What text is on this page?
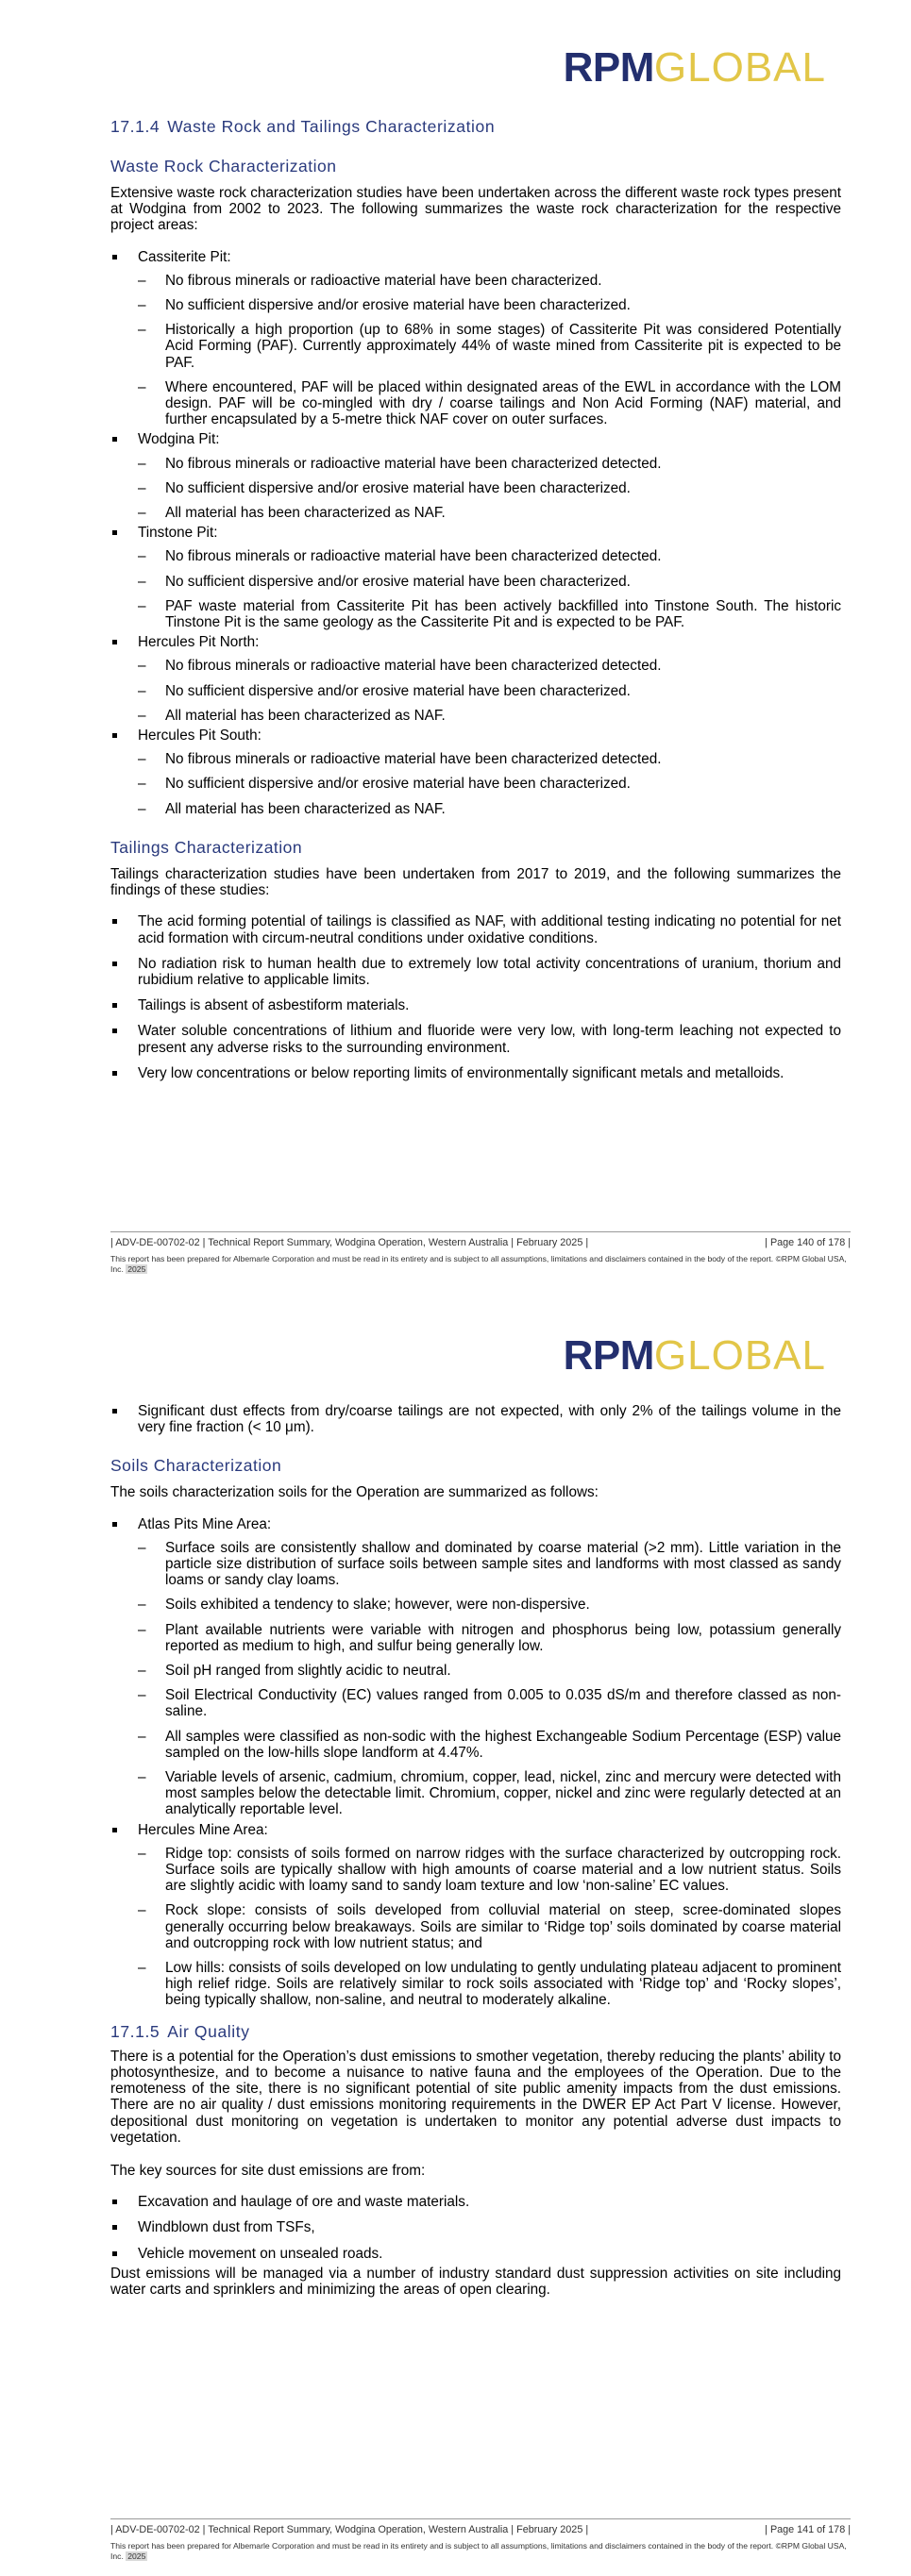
RPMGLOBAL
17.1.4 Waste Rock and Tailings Characterization
Waste Rock Characterization

Extensive waste rock characterization studies have been undertaken across the different waste rock types present at Wodgina from 2002 to 2023. The following summarizes the waste rock characterization for the respective project areas:

Cassiterite Pit:
– No fibrous minerals or radioactive material have been characterized.
– No sufficient dispersive and/or erosive material have been characterized.
– Historically a high proportion (up to 68% in some stages) of Cassiterite Pit was considered Potentially Acid Forming (PAF). Currently approximately 44% of waste mined from Cassiterite pit is expected to be PAF.
– Where encountered, PAF will be placed within designated areas of the EWL in accordance with the LOM design. PAF will be co-mingled with dry / coarse tailings and Non Acid Forming (NAF) material, and further encapsulated by a 5-metre thick NAF cover on outer surfaces.
Wodgina Pit:
– No fibrous minerals or radioactive material have been characterized detected.
– No sufficient dispersive and/or erosive material have been characterized.
– All material has been characterized as NAF.
Tinstone Pit:
– No fibrous minerals or radioactive material have been characterized detected.
– No sufficient dispersive and/or erosive material have been characterized.
– PAF waste material from Cassiterite Pit has been actively backfilled into Tinstone South. The historic Tinstone Pit is the same geology as the Cassiterite Pit and is expected to be PAF.
Hercules Pit North:
– No fibrous minerals or radioactive material have been characterized detected.
– No sufficient dispersive and/or erosive material have been characterized.
– All material has been characterized as NAF.
Hercules Pit South:
– No fibrous minerals or radioactive material have been characterized detected.
– No sufficient dispersive and/or erosive material have been characterized.
– All material has been characterized as NAF.
Tailings Characterization

Tailings characterization studies have been undertaken from 2017 to 2019, and the following summarizes the findings of these studies:

The acid forming potential of tailings is classified as NAF, with additional testing indicating no potential for net acid formation with circum-neutral conditions under oxidative conditions.
No radiation risk to human health due to extremely low total activity concentrations of uranium, thorium and rubidium relative to applicable limits.
Tailings is absent of asbestiform materials.
Water soluble concentrations of lithium and fluoride were very low, with long-term leaching not expected to present any adverse risks to the surrounding environment.
Very low concentrations or below reporting limits of environmentally significant metals and metalloids.
| ADV-DE-00702-02 | Technical Report Summary, Wodgina Operation, Western Australia | February 2025 |	| Page 140 of 178 |
This report has been prepared for Albemarle Corporation and must be read in its entirety and is subject to all assumptions, limitations and disclaimers contained in the body of the report. ©RPM Global USA, Inc. 2025
RPMGLOBAL
Significant dust effects from dry/coarse tailings are not expected, with only 2% of the tailings volume in the very fine fraction (< 10 μm).
Soils Characterization

The soils characterization soils for the Operation are summarized as follows:

Atlas Pits Mine Area:
– Surface soils are consistently shallow and dominated by coarse material (>2 mm). Little variation in the particle size distribution of surface soils between sample sites and landforms with most classed as sandy loams or sandy clay loams.
– Soils exhibited a tendency to slake; however, were non-dispersive.
– Plant available nutrients were variable with nitrogen and phosphorus being low, potassium generally reported as medium to high, and sulfur being generally low.
– Soil pH ranged from slightly acidic to neutral.
– Soil Electrical Conductivity (EC) values ranged from 0.005 to 0.035 dS/m and therefore classed as non-saline.
– All samples were classified as non-sodic with the highest Exchangeable Sodium Percentage (ESP) value sampled on the low-hills slope landform at 4.47%.
– Variable levels of arsenic, cadmium, chromium, copper, lead, nickel, zinc and mercury were detected with most samples below the detectable limit. Chromium, copper, nickel and zinc were regularly detected at an analytically reportable level.
Hercules Mine Area:
– Ridge top: consists of soils formed on narrow ridges with the surface characterized by outcropping rock. Surface soils are typically shallow with high amounts of coarse material and a low nutrient status. Soils are slightly acidic with loamy sand to sandy loam texture and low ‘non-saline’ EC values.
– Rock slope: consists of soils developed from colluvial material on steep, scree-dominated slopes generally occurring below breakaways. Soils are similar to ‘Ridge top’ soils dominated by coarse material and outcropping rock with low nutrient status; and
– Low hills: consists of soils developed on low undulating to gently undulating plateau adjacent to prominent high relief ridge. Soils are relatively similar to rock soils associated with ‘Ridge top’ and ‘Rocky slopes’, being typically shallow, non-saline, and neutral to moderately alkaline.
17.1.5 Air Quality

There is a potential for the Operation’s dust emissions to smother vegetation, thereby reducing the plants’ ability to photosynthesize, and to become a nuisance to native fauna and the employees of the Operation. Due to the remoteness of the site, there is no significant potential of site public amenity impacts from the dust emissions. There are no air quality / dust emissions monitoring requirements in the DWER EP Act Part V license. However, depositional dust monitoring on vegetation is undertaken to monitor any potential adverse dust impacts to vegetation.

The key sources for site dust emissions are from:

Excavation and haulage of ore and waste materials.
Windblown dust from TSFs,
Vehicle movement on unsealed roads.

Dust emissions will be managed via a number of industry standard dust suppression activities on site including water carts and sprinklers and minimizing the areas of open clearing.

| ADV-DE-00702-02 | Technical Report Summary, Wodgina Operation, Western Australia | February 2025 |	| Page 141 of 178 |
This report has been prepared for Albemarle Corporation and must be read in its entirety and is subject to all assumptions, limitations and disclaimers contained in the body of the report. ©RPM Global USA, Inc. 2025
